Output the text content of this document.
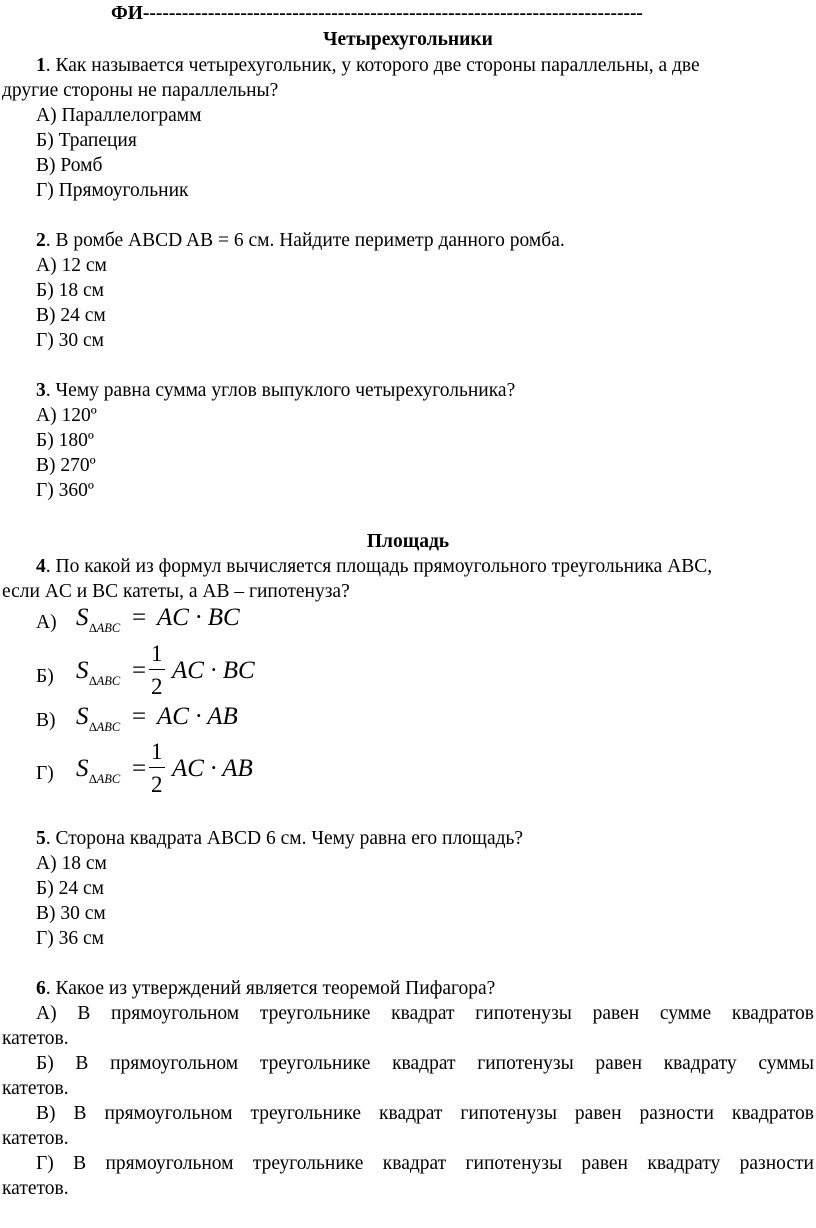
ФИ-----------------------------------------------------------------------------
Четырехугольники
1. Как называется четырехугольник, у которого две стороны параллельны, а две
другие стороны не параллельны?
А) Параллелограмм
Б) Трапеция
В) Ромб
Г) Прямоугольник
2. В ромбе ABCD AB = 6 см. Найдите периметр данного ромба.
А) 12 см
Б) 18 см
В) 24 см
Г) 30 см
3. Чему равна сумма углов выпуклого четырехугольника?
А) 120º
Б) 180º
В) 270º
Г) 360º
Площадь
4. По какой из формул вычисляется площадь прямоугольного треугольника ABC,
если AC и BC катеты, а AB – гипотенуза?
А) S ∆ABC = AC · BC
Б) S ∆ABC =
1
2
AC · BC
В) S ∆ABC = AC · AB
Г) S ∆ABC =
1
2
AC · AB
5. Сторона квадрата ABCD 6 см. Чему равна его площадь?
А) 18 см
Б) 24 см
В) 30 см
Г) 36 см
6. Какое из утверждений является теоремой Пифагора?
А) В прямоугольном треугольнике квадрат гипотенузы равен сумме квадратов
катетов.
Б) В прямоугольном треугольнике квадрат гипотенузы равен квадрату суммы
катетов.
В) В прямоугольном треугольнике квадрат гипотенузы равен разности квадратов
катетов.
Г) В прямоугольном треугольнике квадрат гипотенузы равен квадрату разности
катетов.
